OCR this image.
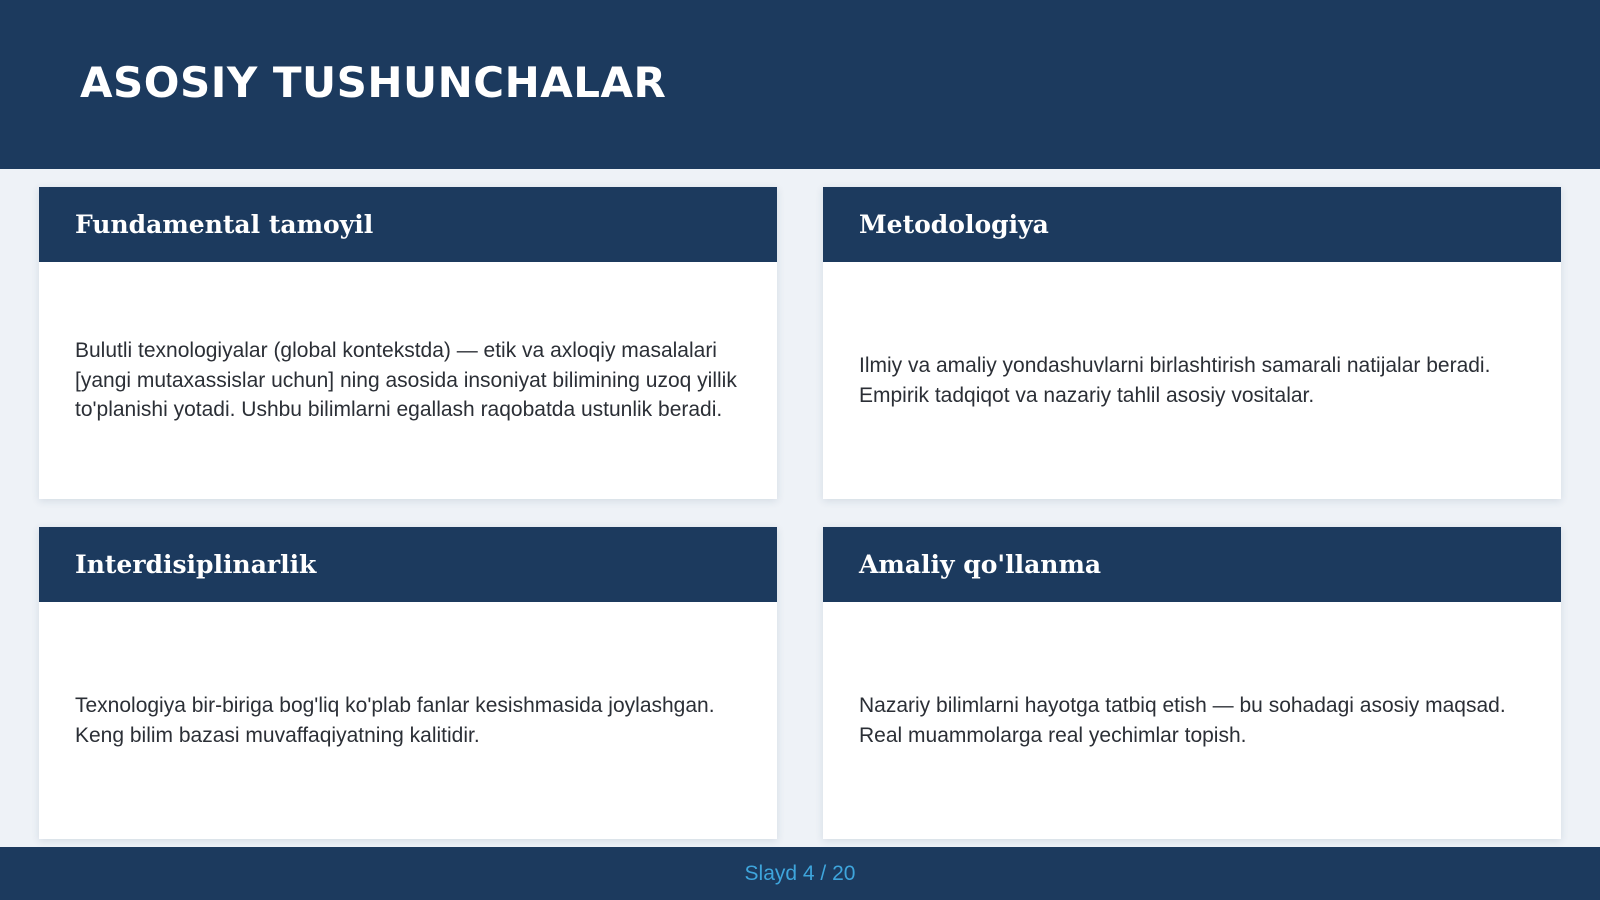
ASOSIY TUSHUNCHALAR
Fundamental tamoyil

Bulutli texnologiyalar (global kontekstda) — etik va axloqiy masalalari [yangi mutaxassislar uchun] ning asosida insoniyat bilimining uzoq yillik to'planishi yotadi. Ushbu bilimlarni egallash raqobatda ustunlik beradi.

Metodologiya

Ilmiy va amaliy yondashuvlarni birlashtirish samarali natijalar beradi. Empirik tadqiqot va nazariy tahlil asosiy vositalar.

Interdisiplinarlik

Texnologiya bir-biriga bog'liq ko'plab fanlar kesishmasida joylashgan. Keng bilim bazasi muvaffaqiyatning kalitidir.

Amaliy qo'llanma

Nazariy bilimlarni hayotga tatbiq etish — bu sohadagi asosiy maqsad. Real muammolarga real yechimlar topish.

Slayd 4 / 20
